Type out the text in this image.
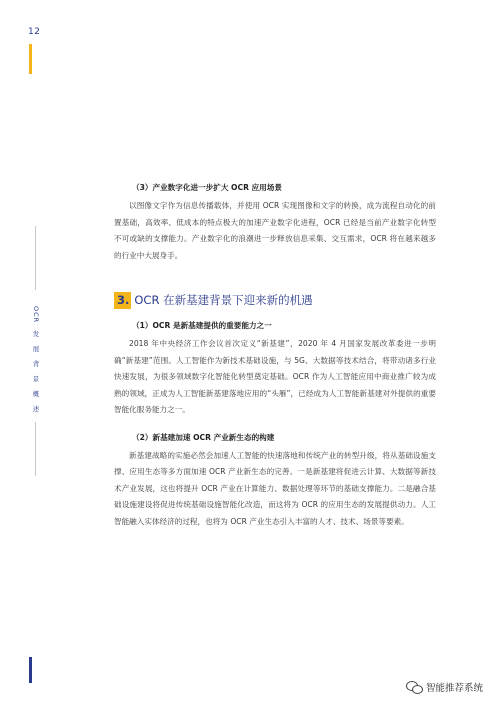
12
OCR
发
展
背
景
概
述
（3）产业数字化进一步扩大 OCR 应用场景

以图像文字作为信息传播载体，并使用 OCR 实现图像和文字的转换，成为流程自动化的前置基础，高效率、低成本的特点极大的加速产业数字化进程，OCR 已经是当前产业数字化转型不可或缺的支撑能力。产业数字化的浪潮进一步释放信息采集、交互需求，OCR 将在越来越多的行业中大展身手。

3. OCR 在新基建背景下迎来新的机遇
（1）OCR 是新基建提供的重要能力之一

2018 年中央经济工作会议首次定义“新基建”，2020 年 4 月国家发展改革委进一步明确“新基建”范围。人工智能作为新技术基础设施，与 5G、大数据等技术结合，将带动诸多行业快速发展，为很多领域数字化智能化转型奠定基础。OCR 作为人工智能应用中商业推广较为成熟的领域，正成为人工智能新基建落地应用的“头雁”，已经成为人工智能新基建对外提供的重要智能化服务能力之一。

（2）新基建加速 OCR 产业新生态的构建

新基建战略的实施必然会加速人工智能的快速落地和传统产业的转型升级，将从基础设施支撑、应用生态等多方面加速 OCR 产业新生态的完善。一是新基建将促进云计算、大数据等新技术产业发展，这也将提升 OCR 产业在计算能力、数据处理等环节的基础支撑能力。二是融合基础设施建设将促进传统基础设施智能化改造，而这将为 OCR 的应用生态的发展提供动力。人工智能融入实体经济的过程，也将为 OCR 产业生态引入丰富的人才、技术、场景等要素。

智能推荐系统
